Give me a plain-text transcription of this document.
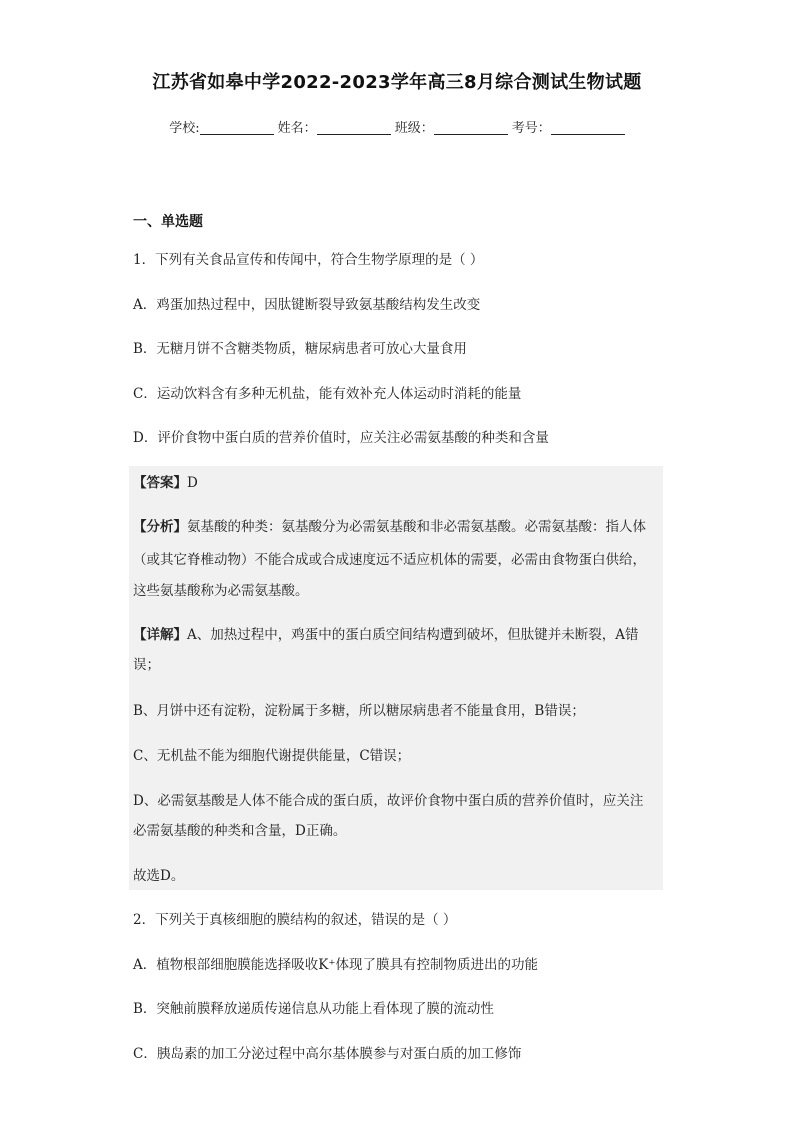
江苏省如皋中学2022-2023学年高三8月综合测试生物试题
学校:	姓名：	班级：	考号：
一、单选题
1．下列有关食品宣传和传闻中，符合生物学原理的是（ ）
A．鸡蛋加热过程中，因肽键断裂导致氨基酸结构发生改变
B．无糖月饼不含糖类物质，糖尿病患者可放心大量食用
C．运动饮料含有多种无机盐，能有效补充人体运动时消耗的能量
D．评价食物中蛋白质的营养价值时，应关注必需氨基酸的种类和含量
【答案】D
【分析】氨基酸的种类：氨基酸分为必需氨基酸和非必需氨基酸。必需氨基酸：指人体
（或其它脊椎动物）不能合成或合成速度远不适应机体的需要，必需由食物蛋白供给，
这些氨基酸称为必需氨基酸。
【详解】A、加热过程中，鸡蛋中的蛋白质空间结构遭到破坏，但肽键并未断裂，A错
误；
B、月饼中还有淀粉，淀粉属于多糖，所以糖尿病患者不能量食用，B错误；
C、无机盐不能为细胞代谢提供能量，C错误；
D、必需氨基酸是人体不能合成的蛋白质，故评价食物中蛋白质的营养价值时，应关注
必需氨基酸的种类和含量，D正确。
故选D。
2．下列关于真核细胞的膜结构的叙述，错误的是（ ）
A．植物根部细胞膜能选择吸收K⁺体现了膜具有控制物质进出的功能
B．突触前膜释放递质传递信息从功能上看体现了膜的流动性
C．胰岛素的加工分泌过程中高尔基体膜参与对蛋白质的加工修饰
